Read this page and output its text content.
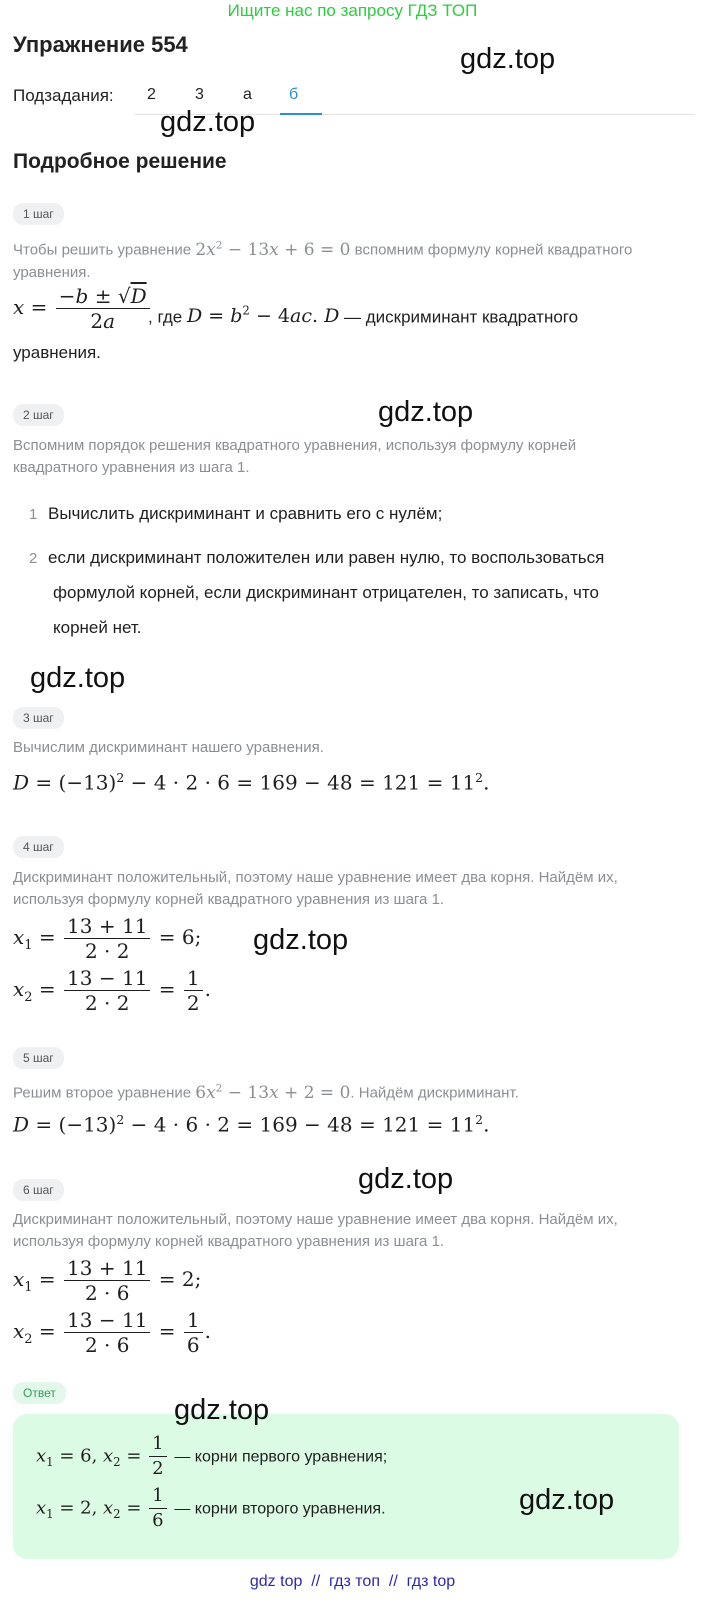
Ищите нас по запросу ГДЗ ТОП
Упражнение 554	gdz.top
Подзадания: 2 3 а б
gdz.top
Подробное решение
1 шаг
Чтобы решить уравнение $2x^2 - 13x + 6 = 0$ вспомним формулу корней квадратного
уравнения.
$x = \frac{-b \pm √D}{2a}$
, где $D = b^2 - 4ac$. D — дискриминант квадратного
уравнения.
2 шаг	gdz.top
Вспомним порядок решения квадратного уравнения, используя формулу корней
квадратного уравнения из шага 1.
1 Вычислить дискриминант и сравнить его с нулём;
2 если дискриминант положителен или равен нулю, то воспользоваться
формулой корней, если дискриминант отрицателен, то записать, что
корней нет.
gdz.top
3 шаг
Вычислим дискриминант нашего уравнения.
$D = (-13)^2 - 4 \cdot 2 \cdot 6 = 169 - 48 = 121 = 11^2$.
4 шаг
Дискриминант положительный, поэтому наше уравнение имеет два корня. Найдём их,
используя формулу корней квадратного уравнения из шага 1.
$x_1 = \frac{13 + 11}{2 \cdot 2} = 6$;
$x_2 = \frac{13 - 11}{2 \cdot 2} = \frac{1}{2}$ .
gdz.top
5 шаг
Решим второе уравнение $6x^2 - 13x + 2 = 0$. Найдём дискриминант.
$D = (-13)^2 - 4 \cdot 6 \cdot 2 = 169 - 48 = 121 = 11^2$.
6 шаг	gdz.top
Дискриминант положительный, поэтому наше уравнение имеет два корня. Найдём их,
используя формулу корней квадратного уравнения из шага 1.
$x_1 = \frac{13 + 11}{2 \cdot 6} = 2$;
$x_2 = \frac{13 - 11}{2 \cdot 6} = \frac{1}{6}$ .
Ответ
gdz.top
$x_1 = 6$, $x_2 = \frac{1}{2}$ — корни первого уравнения;
$x_1 = 2$, $x_2 = \frac{1}{6}$ — корни второго уравнения.	gdz.top
gdz top  //  гдз топ  //  гдз top
